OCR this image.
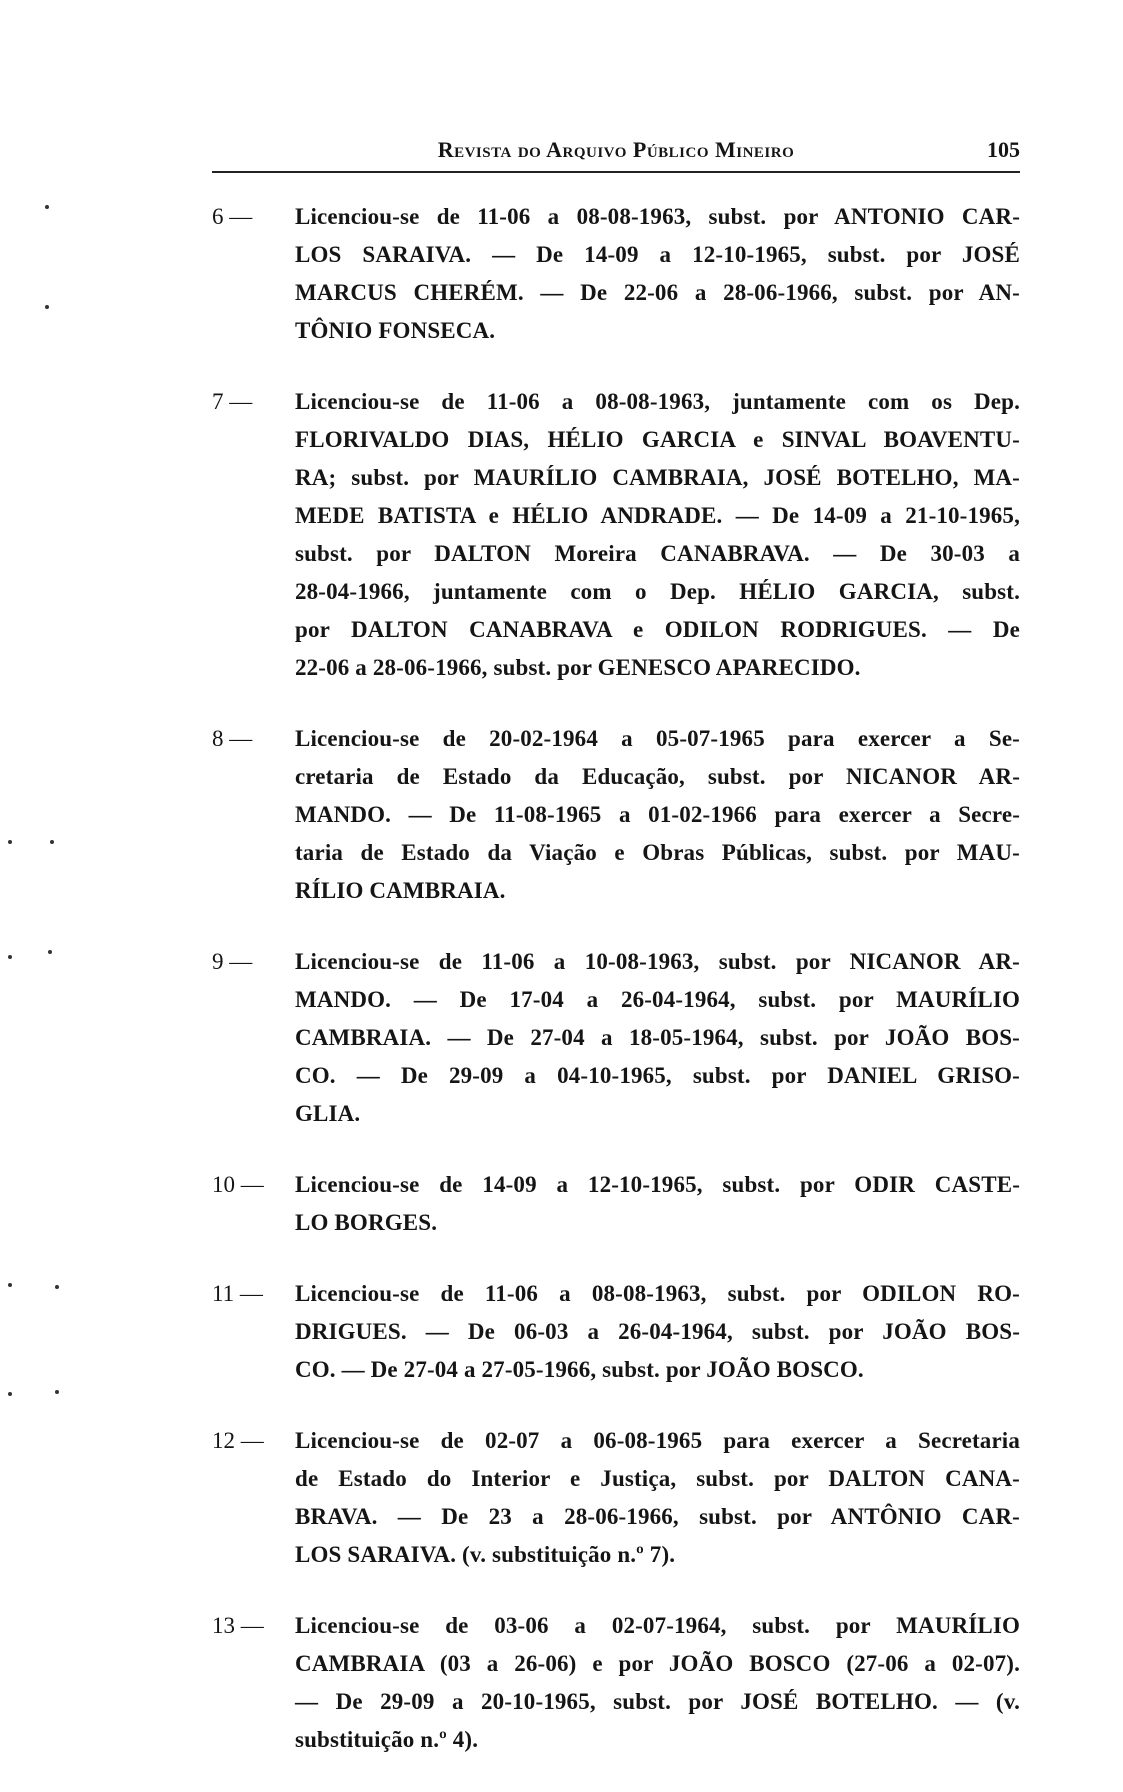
Revista do Arquivo Público Mineiro	105
6 —	Licenciou-se de 11-06 a 08-08-1963, subst. por ANTONIO CAR-
LOS SARAIVA. — De 14-09 a 12-10-1965, subst. por JOSÉ
MARCUS CHERÉM. — De 22-06 a 28-06-1966, subst. por AN-
TÔNIO FONSECA.
7 —	Licenciou-se de 11-06 a 08-08-1963, juntamente com os Dep.
FLORIVALDO DIAS, HÉLIO GARCIA e SINVAL BOAVENTU-
RA; subst. por MAURÍLIO CAMBRAIA, JOSÉ BOTELHO, MA-
MEDE BATISTA e HÉLIO ANDRADE. — De 14-09 a 21-10-1965,
subst. por DALTON Moreira CANABRAVA. — De 30-03 a
28-04-1966, juntamente com o Dep. HÉLIO GARCIA, subst.
por DALTON CANABRAVA e ODILON RODRIGUES. — De
22-06 a 28-06-1966, subst. por GENESCO APARECIDO.
8 —	Licenciou-se de 20-02-1964 a 05-07-1965 para exercer a Se-
cretaria de Estado da Educação, subst. por NICANOR AR-
MANDO. — De 11-08-1965 a 01-02-1966 para exercer a Secre-
taria de Estado da Viação e Obras Públicas, subst. por MAU-
RÍLIO CAMBRAIA.
9 —	Licenciou-se de 11-06 a 10-08-1963, subst. por NICANOR AR-
MANDO. — De 17-04 a 26-04-1964, subst. por MAURÍLIO
CAMBRAIA. — De 27-04 a 18-05-1964, subst. por JOÃO BOS-
CO. — De 29-09 a 04-10-1965, subst. por DANIEL GRISO-
GLIA.
10 —	Licenciou-se de 14-09 a 12-10-1965, subst. por ODIR CASTE-
LO BORGES.
11 —	Licenciou-se de 11-06 a 08-08-1963, subst. por ODILON RO-
DRIGUES. — De 06-03 a 26-04-1964, subst. por JOÃO BOS-
CO. — De 27-04 a 27-05-1966, subst. por JOÃO BOSCO.
12 —	Licenciou-se de 02-07 a 06-08-1965 para exercer a Secretaria
de Estado do Interior e Justiça, subst. por DALTON CANA-
BRAVA. — De 23 a 28-06-1966, subst. por ANTÔNIO CAR-
LOS SARAIVA. (v. substituição n.º 7).
13 —	Licenciou-se de 03-06 a 02-07-1964, subst. por MAURÍLIO
CAMBRAIA (03 a 26-06) e por JOÃO BOSCO (27-06 a 02-07).
— De 29-09 a 20-10-1965, subst. por JOSÉ BOTELHO. — (v.
substituição n.º 4).
